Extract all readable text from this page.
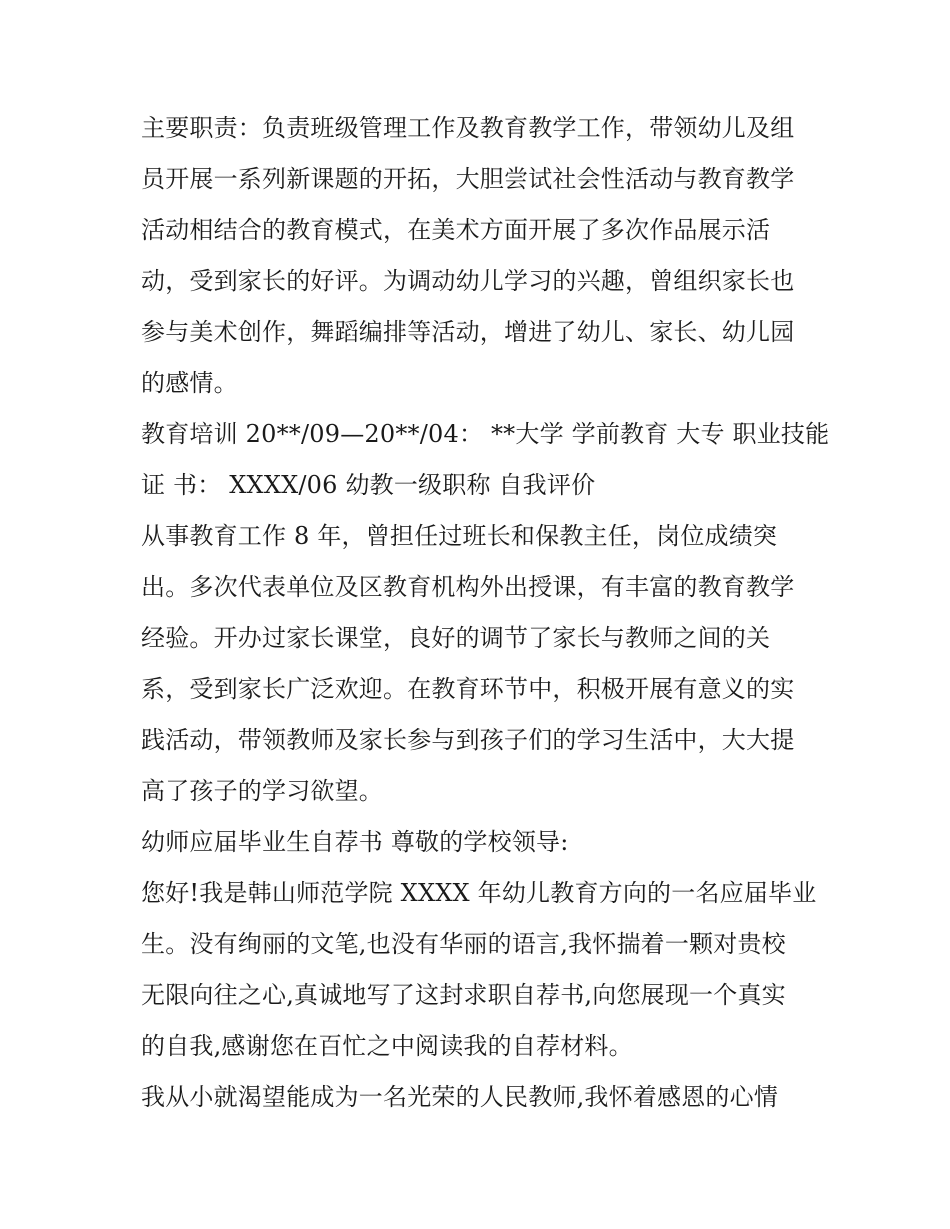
主要职责：负责班级管理工作及教育教学工作，带领幼儿及组
员开展一系列新课题的开拓，大胆尝试社会性活动与教育教学
活动相结合的教育模式，在美术方面开展了多次作品展示活
动，受到家长的好评。为调动幼儿学习的兴趣，曾组织家长也
参与美术创作，舞蹈编排等活动，增进了幼儿、家长、幼儿园
的感情。
教育培训 20**/09—20**/04： **大学 学前教育 大专 职业技能
证 书： XXXX/06 幼教一级职称 自我评价
从事教育工作 8 年，曾担任过班长和保教主任，岗位成绩突
出。多次代表单位及区教育机构外出授课，有丰富的教育教学
经验。开办过家长课堂，良好的调节了家长与教师之间的关
系，受到家长广泛欢迎。在教育环节中，积极开展有意义的实
践活动，带领教师及家长参与到孩子们的学习生活中，大大提
高了孩子的学习欲望。
幼师应届毕业生自荐书 尊敬的学校领导:
您好!我是韩山师范学院 XXXX 年幼儿教育方向的一名应届毕业
生。没有绚丽的文笔,也没有华丽的语言,我怀揣着一颗对贵校
无限向往之心,真诚地写了这封求职自荐书,向您展现一个真实
的自我,感谢您在百忙之中阅读我的自荐材料。
我从小就渴望能成为一名光荣的人民教师,我怀着感恩的心情
